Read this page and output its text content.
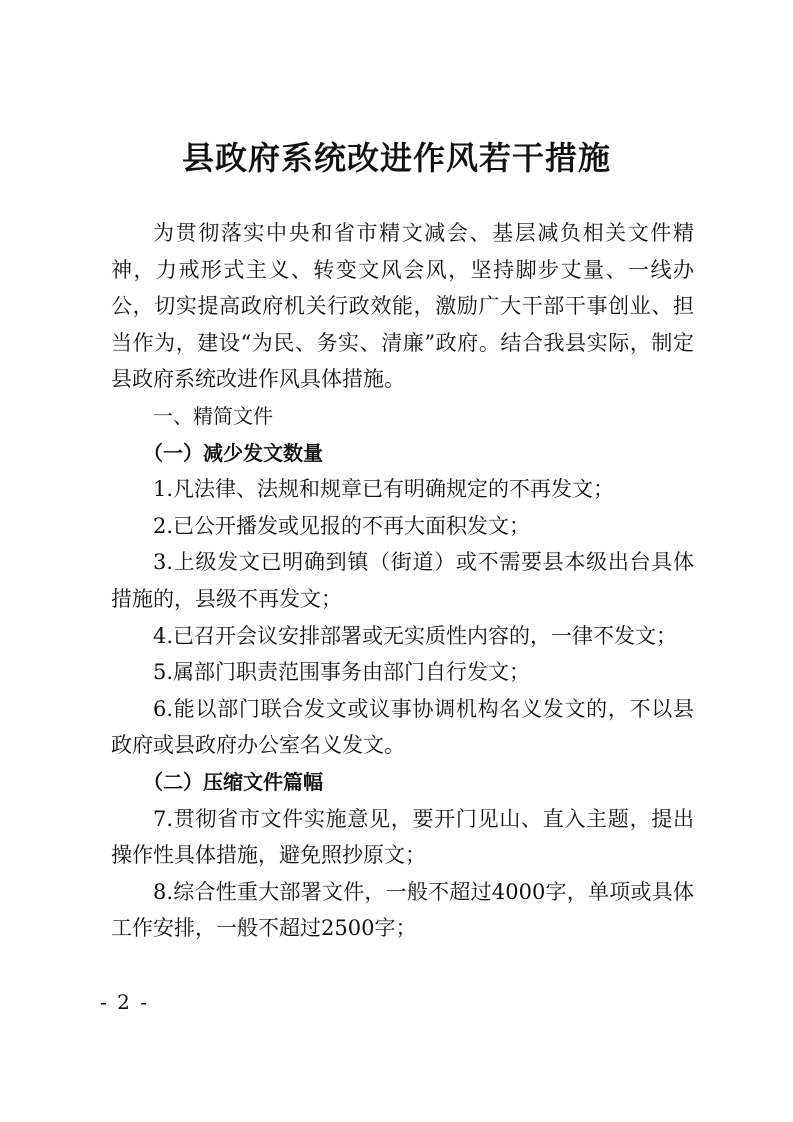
县政府系统改进作风若干措施

为贯彻落实中央和省市精文减会、基层减负相关文件精神，力戒形式主义、转变文风会风，坚持脚步丈量、一线办公，切实提高政府机关行政效能，激励广大干部干事创业、担当作为，建设“为民、务实、清廉”政府。结合我县实际，制定县政府系统改进作风具体措施。

一、精简文件

（一）减少发文数量

1.凡法律、法规和规章已有明确规定的不再发文；

2.已公开播发或见报的不再大面积发文；

3.上级发文已明确到镇（街道）或不需要县本级出台具体措施的，县级不再发文；

4.已召开会议安排部署或无实质性内容的，一律不发文；

5.属部门职责范围事务由部门自行发文；

6.能以部门联合发文或议事协调机构名义发文的，不以县政府或县政府办公室名义发文。

（二）压缩文件篇幅

7.贯彻省市文件实施意见，要开门见山、直入主题，提出操作性具体措施，避免照抄原文；

8.综合性重大部署文件，一般不超过4000字，单项或具体工作安排，一般不超过2500字；

- 2 -
